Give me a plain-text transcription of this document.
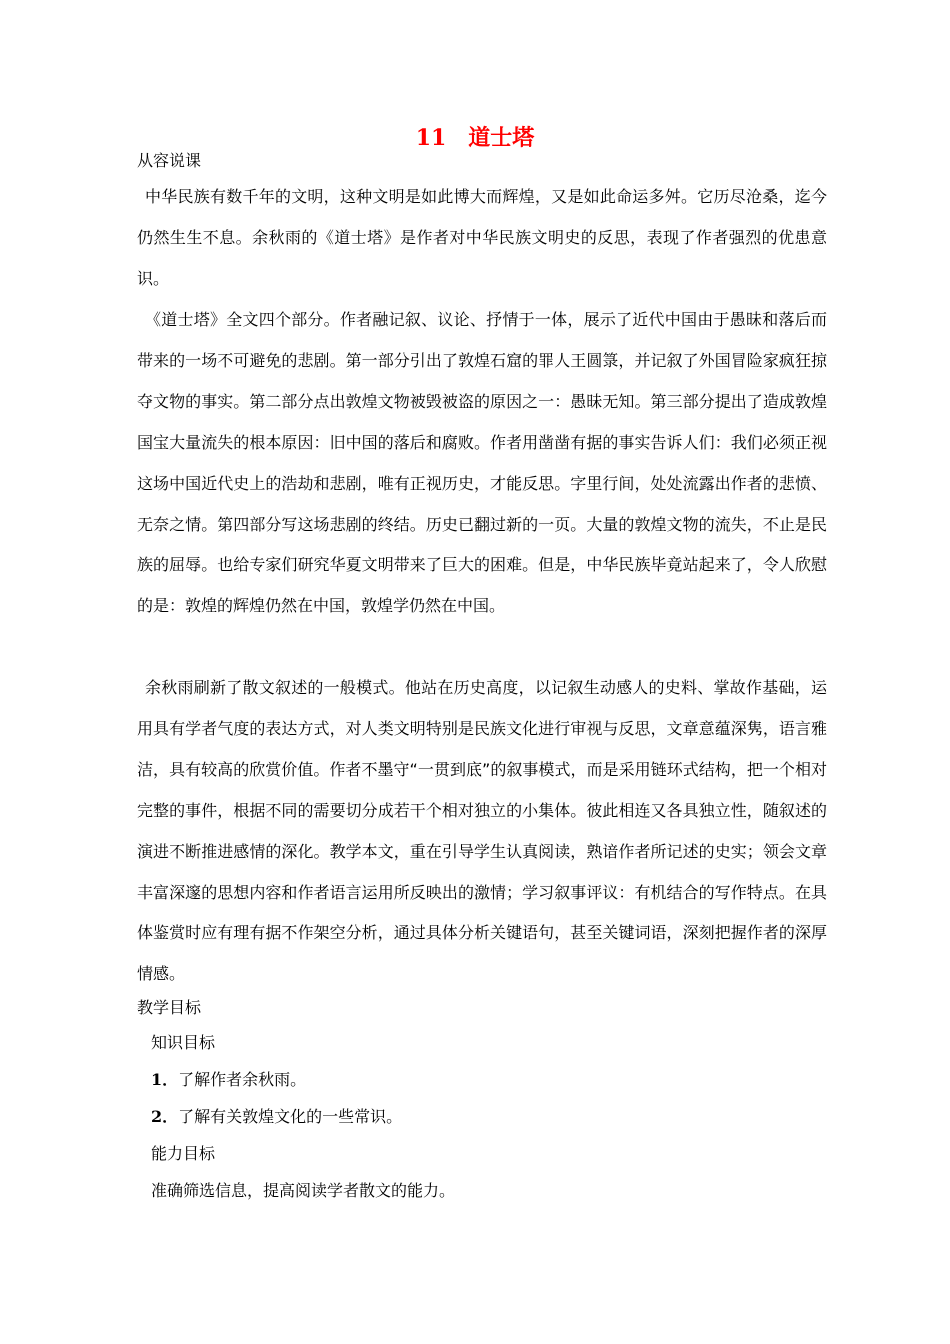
11　道士塔
从容说课

中华民族有数千年的文明，这种文明是如此博大而辉煌，又是如此命运多舛。它历尽沧桑，迄今仍然生生不息。余秋雨的《道士塔》是作者对中华民族文明史的反思，表现了作者强烈的优患意识。

《道士塔》全文四个部分。作者融记叙、议论、抒情于一体，展示了近代中国由于愚昧和落后而带来的一场不可避免的悲剧。第一部分引出了敦煌石窟的罪人王圆箓，并记叙了外国冒险家疯狂掠夺文物的事实。第二部分点出敦煌文物被毁被盗的原因之一：愚昧无知。第三部分提出了造成敦煌国宝大量流失的根本原因：旧中国的落后和腐败。作者用凿凿有据的事实告诉人们：我们必须正视这场中国近代史上的浩劫和悲剧，唯有正视历史，才能反思。字里行间，处处流露出作者的悲愤、无奈之情。第四部分写这场悲剧的终结。历史已翻过新的一页。大量的敦煌文物的流失，不止是民族的屈辱。也给专家们研究华夏文明带来了巨大的困难。但是，中华民族毕竟站起来了，令人欣慰的是：敦煌的辉煌仍然在中国，敦煌学仍然在中国。

余秋雨刷新了散文叙述的一般模式。他站在历史高度，以记叙生动感人的史料、掌故作基础，运用具有学者气度的表达方式，对人类文明特别是民族文化进行审视与反思，文章意蕴深隽，语言雅洁，具有较高的欣赏价值。作者不墨守“一贯到底”的叙事模式，而是采用链环式结构，把一个相对完整的事件，根据不同的需要切分成若干个相对独立的小集体。彼此相连又各具独立性，随叙述的演进不断推进感情的深化。教学本文，重在引导学生认真阅读，熟谙作者所记述的史实；领会文章丰富深邃的思想内容和作者语言运用所反映出的激情；学习叙事评议：有机结合的写作特点。在具体鉴赏时应有理有据不作架空分析，通过具体分析关键语句，甚至关键词语，深刻把握作者的深厚情感。

教学目标
知识目标
1．了解作者余秋雨。
2．了解有关敦煌文化的一些常识。
能力目标
准确筛选信息，提高阅读学者散文的能力。
